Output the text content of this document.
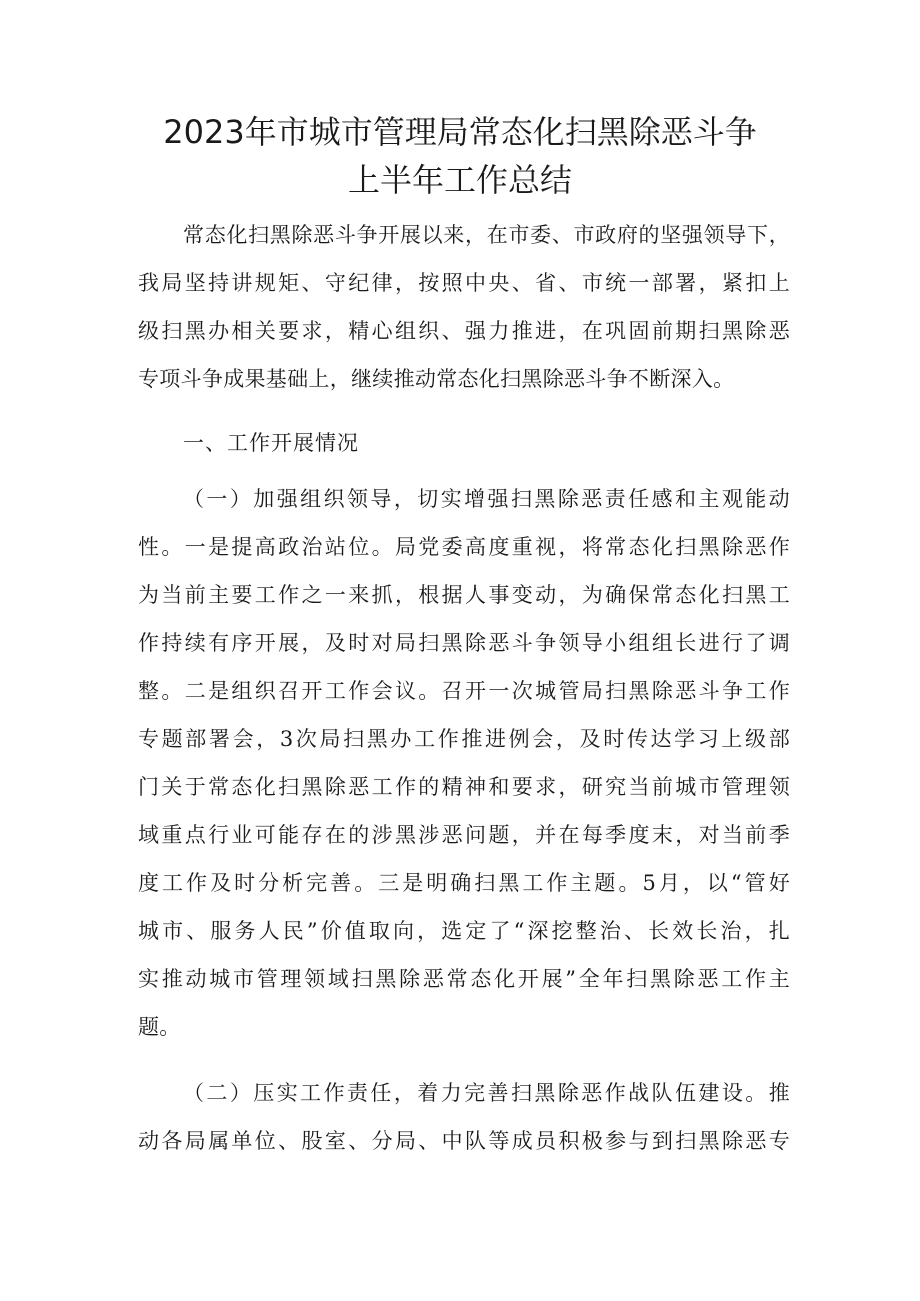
2023年市城市管理局常态化扫黑除恶斗争
上半年工作总结
常态化扫黑除恶斗争开展以来，在市委、市政府的坚强领导下，
我局坚持讲规矩、守纪律，按照中央、省、市统一部署，紧扣上
级扫黑办相关要求，精心组织、强力推进，在巩固前期扫黑除恶
专项斗争成果基础上，继续推动常态化扫黑除恶斗争不断深入。
一、工作开展情况
（一）加强组织领导，切实增强扫黑除恶责任感和主观能动
性。一是提高政治站位。局党委高度重视，将常态化扫黑除恶作
为当前主要工作之一来抓，根据人事变动，为确保常态化扫黑工
作持续有序开展，及时对局扫黑除恶斗争领导小组组长进行了调
整。二是组织召开工作会议。召开一次城管局扫黑除恶斗争工作
专题部署会，3次局扫黑办工作推进例会，及时传达学习上级部
门关于常态化扫黑除恶工作的精神和要求，研究当前城市管理领
域重点行业可能存在的涉黑涉恶问题，并在每季度末，对当前季
度工作及时分析完善。三是明确扫黑工作主题。5月，以“管好
城市、服务人民”价值取向，选定了“深挖整治、长效长治，扎
实推动城市管理领域扫黑除恶常态化开展”全年扫黑除恶工作主
题。
（二）压实工作责任，着力完善扫黑除恶作战队伍建设。推
动各局属单位、股室、分局、中队等成员积极参与到扫黑除恶专
